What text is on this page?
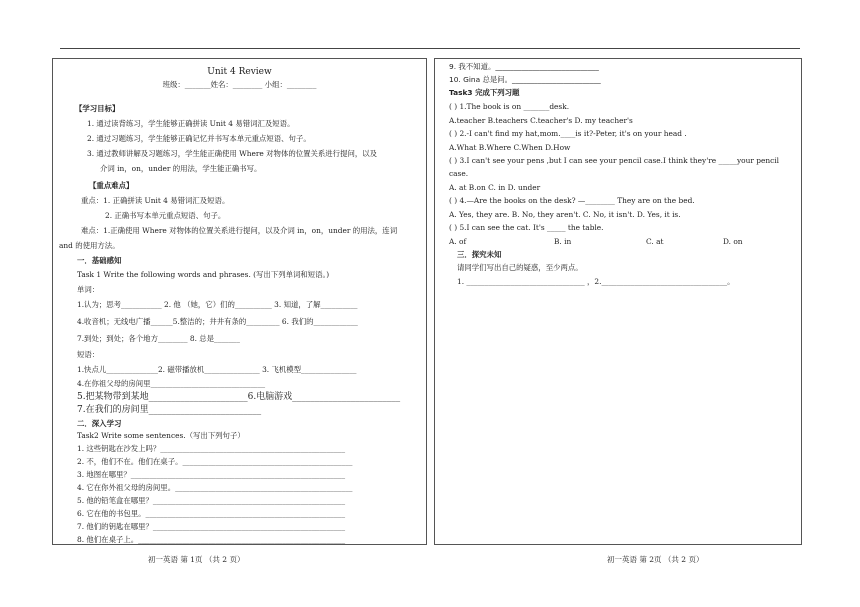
Unit 4 Review
班级：_______姓名：________ 小组：________
【学习目标】
1. 通过读背练习，学生能够正确拼读 Unit 4 易错词汇及短语。
2. 通过习题练习，学生能够正确记忆并书写本单元重点短语、句子。
3. 通过教师讲解及习题练习，学生能正确使用 Where 对物体的位置关系进行提问，以及
介词 in，on，under 的用法，学生能正确书写。
【重点难点】
重点：1. 正确拼读 Unit 4 易错词汇及短语。
2. 正确书写本单元重点短语、句子。
难点：1.正确使用 Where 对物体的位置关系进行提问，以及介词 in，on，under 的用法，连词
and 的使用方法。
一．基础感知
Task 1 Write the following words and phrases. (写出下列单词和短语。)
单词：
1.认为；思考___________ 2. 他 （她，它）们的__________ 3. 知道，了解__________
4.收音机；无线电广播______5.整洁的；井井有条的_________ 6. 我们的____________
7.到处；到处；各个地方________ 8. 总是_______
短语：
1.快点儿______________2. 磁带播放机_______________ 3. 飞机模型_______________
4.在你祖父母的房间里_______________________________
5.把某物带到某地______________________6.电脑游戏________________________
7.在我们的房间里_________________________
二．深入学习
Task2 Write some sentences.（写出下列句子）
1. 这些钥匙在沙发上吗？__________________________________________________
2. 不，他们不在。他们在桌子。______________________________________________
3. 地图在哪里？__________________________________________________________
4. 它在你外祖父母的房间里。________________________________________________
5. 他的铅笔盒在哪里？____________________________________________________
6. 它在他的书包里。______________________________________________________
7. 他们的钥匙在哪里？____________________________________________________
8. 他们在桌子上。________________________________________________________
9. 我不知道。____________________________
10. Gina 总是问。________________________
Task3 完成下列习题
( ) 1.The book is on _______desk.
A.teacher B.teachers C.teacher's D. my teacher's
( ) 2.-I can't find my hat,mom.____is it?-Peter, it's on your head .
A.What B.Where C.When D.How
( ) 3.I can't see your pens ,but I can see your pencil case.I think they're _____your pencil
case.
A. at B.on C. in D. under
( ) 4.—Are the books on the desk? —________ They are on the bed.
A. Yes, they are. B. No, they aren't. C. No, it isn't. D. Yes, it is.
( ) 5.I can see the cat. It's _____ the table.
A. of	B. in	C. at	D. on
三．探究未知
请同学们写出自己的疑惑，至少两点。
1. ________________________________ ，2.__________________________________。
初一英语 第 1页 （共 2 页）	初一英语 第 2页 （共 2 页）
